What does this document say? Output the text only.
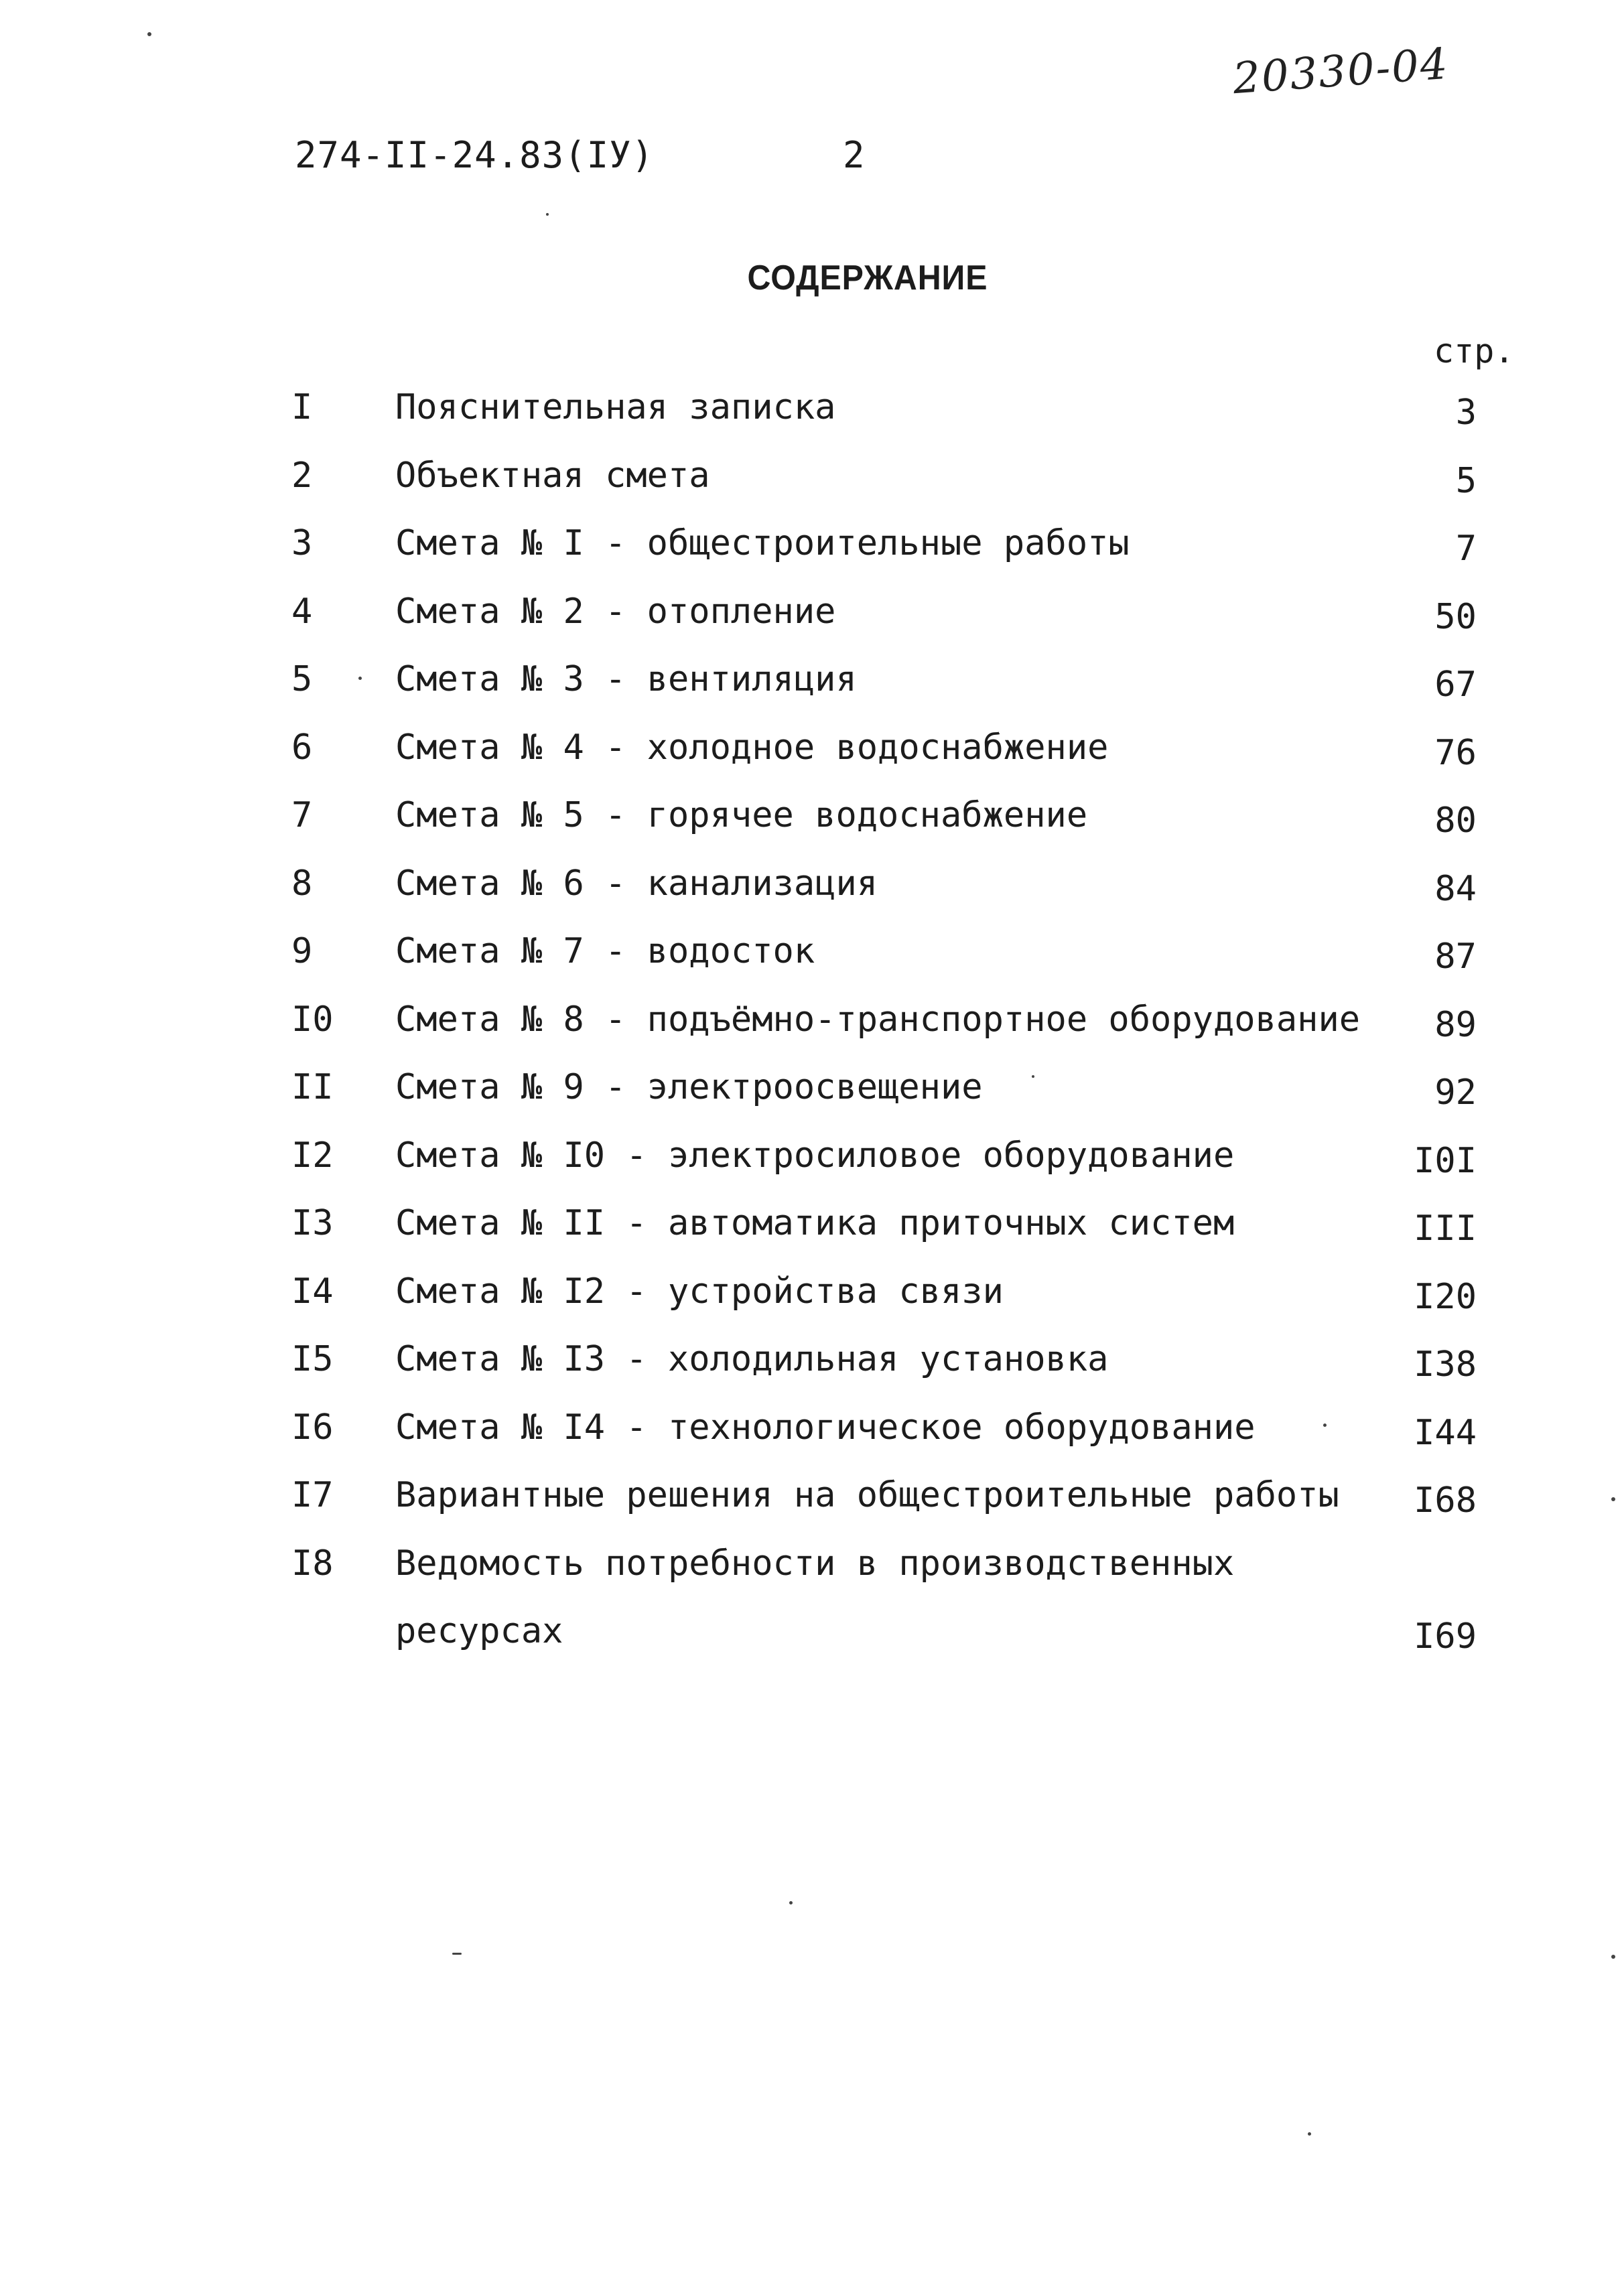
20330-04
274-II-24.83(IУ)	2
СОДЕРЖАНИЕ
стр.
I Пояснительная записка	3
2 Объектная смета	5
3 Смета № I - общестроительные работы	7
4 Смета № 2 - отопление	50
5 Смета № 3 - вентиляция	67
6 Смета № 4 - холодное водоснабжение	76
7 Смета № 5 - горячее водоснабжение	80
8 Смета № 6 - канализация	84
9 Смета № 7 - водосток	87
I0 Смета № 8 - подъёмно-транспортное оборудование 89
II Смета № 9 - электроосвещение	92
I2 Смета № I0 - электросиловое оборудование	I0I
I3 Смета № II - автоматика приточных систем	III
I4 Смета № I2 - устройства связи	I20
I5 Смета № I3 - холодильная установка	I38
I6 Смета № I4 - технологическое оборудование	I44
I7 Вариантные решения на общестроительные работы I68
I8 Ведомость потребности в производственных
ресурсах	I69
